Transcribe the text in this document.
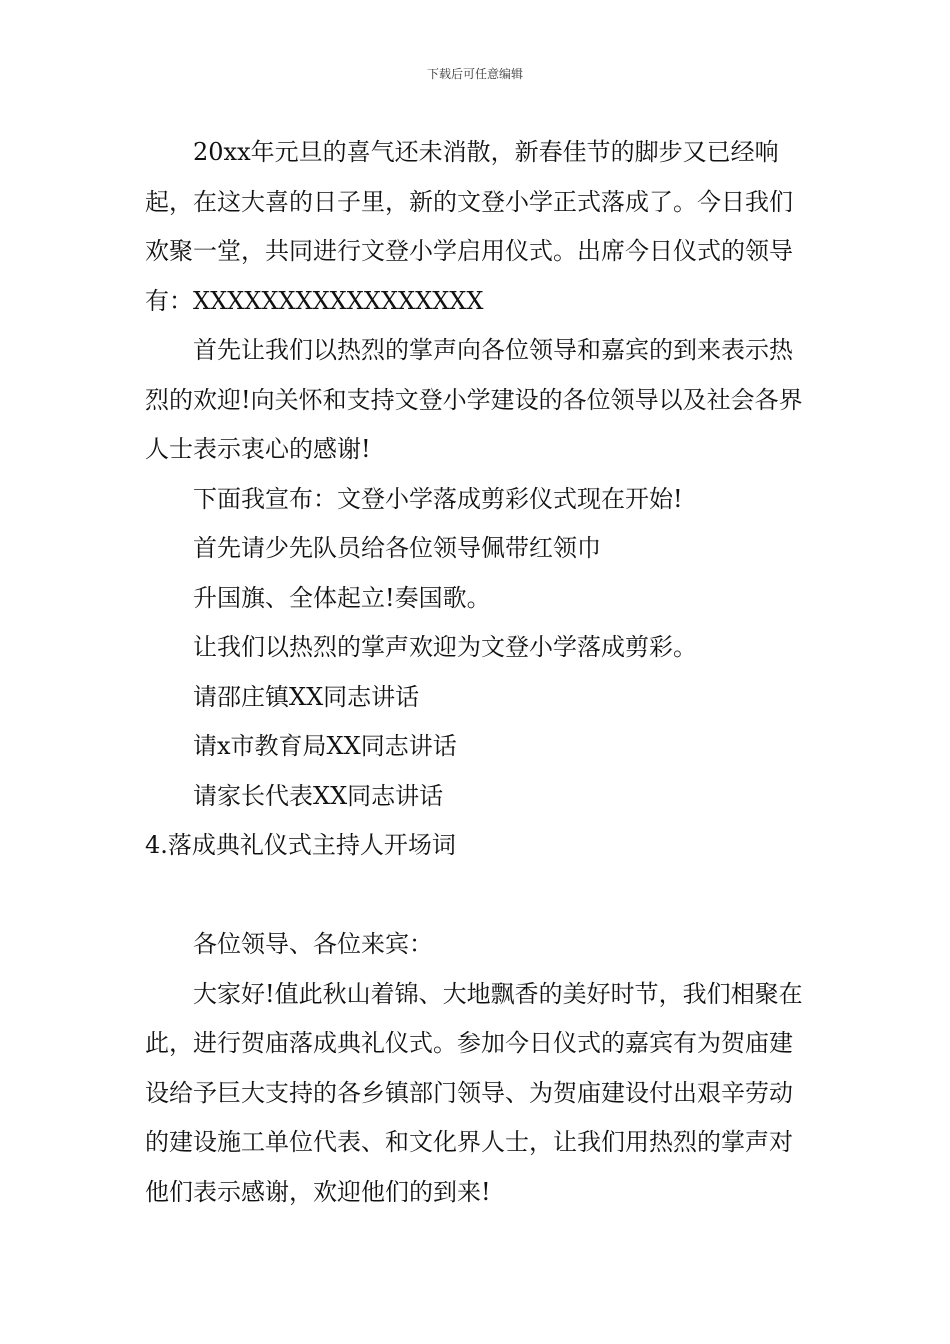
下载后可任意编辑

20xx年元旦的喜气还未消散，新春佳节的脚步又已经响起，在这大喜的日子里，新的文登小学正式落成了。今日我们欢聚一堂，共同进行文登小学启用仪式。出席今日仪式的领导有：XXXXXXXXXXXXXXXXX

首先让我们以热烈的掌声向各位领导和嘉宾的到来表示热烈的欢迎!向关怀和支持文登小学建设的各位领导以及社会各界人士表示衷心的感谢!

下面我宣布：文登小学落成剪彩仪式现在开始!

首先请少先队员给各位领导佩带红领巾

升国旗、全体起立!奏国歌。

让我们以热烈的掌声欢迎为文登小学落成剪彩。

请邵庄镇XX同志讲话

请x市教育局XX同志讲话

请家长代表XX同志讲话

4.落成典礼仪式主持人开场词

各位领导、各位来宾：

大家好!值此秋山着锦、大地飘香的美好时节，我们相聚在此，进行贺庙落成典礼仪式。参加今日仪式的嘉宾有为贺庙建设给予巨大支持的各乡镇部门领导、为贺庙建设付出艰辛劳动的建设施工单位代表、和文化界人士，让我们用热烈的掌声对他们表示感谢，欢迎他们的到来!
